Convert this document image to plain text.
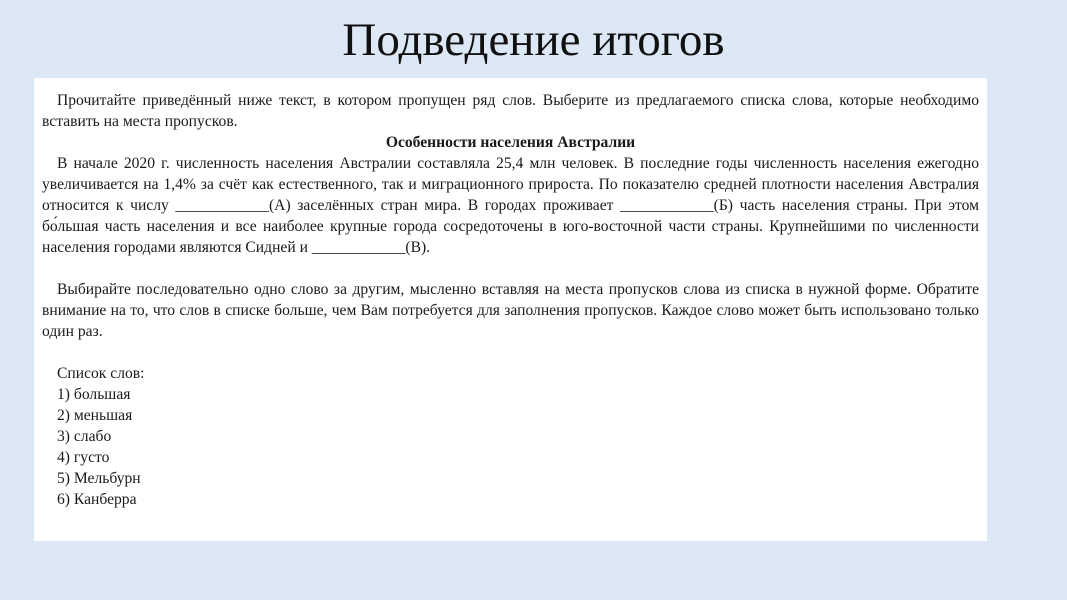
Подведение итогов

Прочитайте приведённый ниже текст, в котором пропущен ряд слов. Выберите из предлагаемого списка слова, которые необходимо вставить на места пропусков.

Особенности населения Австралии

В начале 2020 г. численность населения Австралии составляла 25,4 млн человек. В последние годы численность населения ежегодно увеличивается на 1,4% за счёт как естественного, так и миграционного прироста. По показателю средней плотности населения Австралия относится к числу ____________(А) заселённых стран мира. В городах проживает ____________(Б) часть населения страны. При этом бо́льшая часть населения и все наиболее крупные города сосредоточены в юго-восточной части страны. Крупнейшими по численности населения городами являются Сидней и ____________(В).

Выбирайте последовательно одно слово за другим, мысленно вставляя на места пропусков слова из списка в нужной форме. Обратите внимание на то, что слов в списке больше, чем Вам потребуется для заполнения пропусков. Каждое слово может быть использовано только один раз.

Список слов:

1) большая
2) меньшая
3) слабо
4) густо
5) Мельбурн
6) Канберра
